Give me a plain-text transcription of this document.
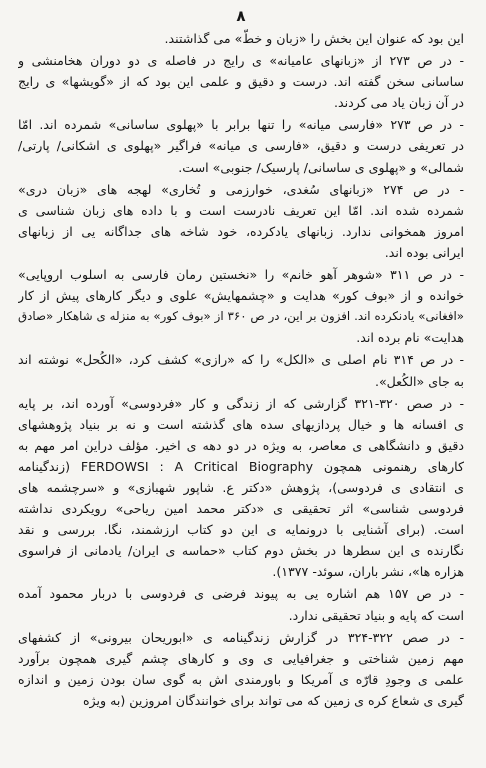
۸
این بود که عنوان این بخش را «زبان و خطّ» می گذاشتند.
- در ص ۲۷۳ از «زبانهای عامیانه» ی رایج در فاصله ی دو دوران هخامنشی و
ساسانی سخن گفته اند. درست و دقیق و علمی این بود که از «گویشها» ی رایج
در آن زبان یاد می کردند.
- در ص ۲۷۳ «فارسی میانه» را تنها برابر با «پهلوی ساسانی» شمرده اند. امّا
در تعریفی درست و دقیق، «فارسی ی میانه» فراگیر «پهلوی ی اشکانی/ پارتی/
شمالی» و «پهلوی ی ساسانی/ پارسیک/ جنوبی» است.
- در ص ۲۷۴ «زبانهای سُغدی، خوارزمی و تُخاری» لهجه های «زبان دری»
شمرده شده اند. امّا این تعریف نادرست است و با داده های زبان شناسی ی
امروز همخوانی ندارد. زبانهای یادکرده، خود شاخه های جداگانه یی از زبانهای
ایرانی بوده اند.
- در ص ۳۱۱ «شوهر آهو خانم» را «نخستین رمان فارسی به اسلوب اروپایی»
خوانده و از «بوف کور» هدایت و «چشمهایش» علوی و دیگر کارهای پیش از کار
«افغانی» یادنکرده اند. افزون بر این، در ص ۳۶۰ از «بوف کور» به منزله ی شاهکار «صادق
هدایت» نام برده اند.
- در ص ۳۱۴ نام اصلی ی «الکل» را که «رازی» کشف کرد، «الکُحل» نوشته اند
به جای «الکُعل».
- در صص ۳۲۰-۳۲۱ گزارشی که از زندگی و کار «فردوسی» آورده اند، بر پایه
ی افسانه ها و خیال پردازیهای سده های گذشته است و نه بر بنیاد پژوهشهای
دقیق و دانشگاهی ی معاصر، به ویژه در دو دهه ی اخیر. مؤلف دراین امر مهم به
کارهای رهنمونی همچون FERDOWSI : A Critical Biography (زندگینامه
ی انتقادی ی فردوسی)، پژوهش «دکتر ع. شاپور شهبازی» و «سرچشمه های
فردوسی شناسی» اثر تحقیقی ی «دکتر محمد امین ریاحی» رویکردی نداشته
است. (برای آشنایی با درونمایه ی این دو کتاب ارزشمند، نگا. بررسی و نقد
نگارنده ی این سطرها در بخش دوم کتاب «حماسه ی ایران/ یادمانی از فراسوی
هزاره ها»، نشر باران، سوئد- ۱۳۷۷).
- در ص ۱۵۷ هم اشاره یی به پیوند فرضی ی فردوسی با دربار محمود آمده
است که پایه و بنیاد تحقیقی ندارد.
- در صص ۳۲۲-۳۲۴ در گزارش زندگینامه ی «ابوریحان بیرونی» از کشفهای
مهم زمین شناختی و جغرافیایی ی وی و کارهای چشم گیری همچون برآورد
علمی ی وجودِ قارّه ی آمریکا و باورمندی اش به گوی سان بودن زمین و اندازه
گیری ی شعاع کره ی زمین که می تواند برای خوانندگان امروزین (به ویژه
